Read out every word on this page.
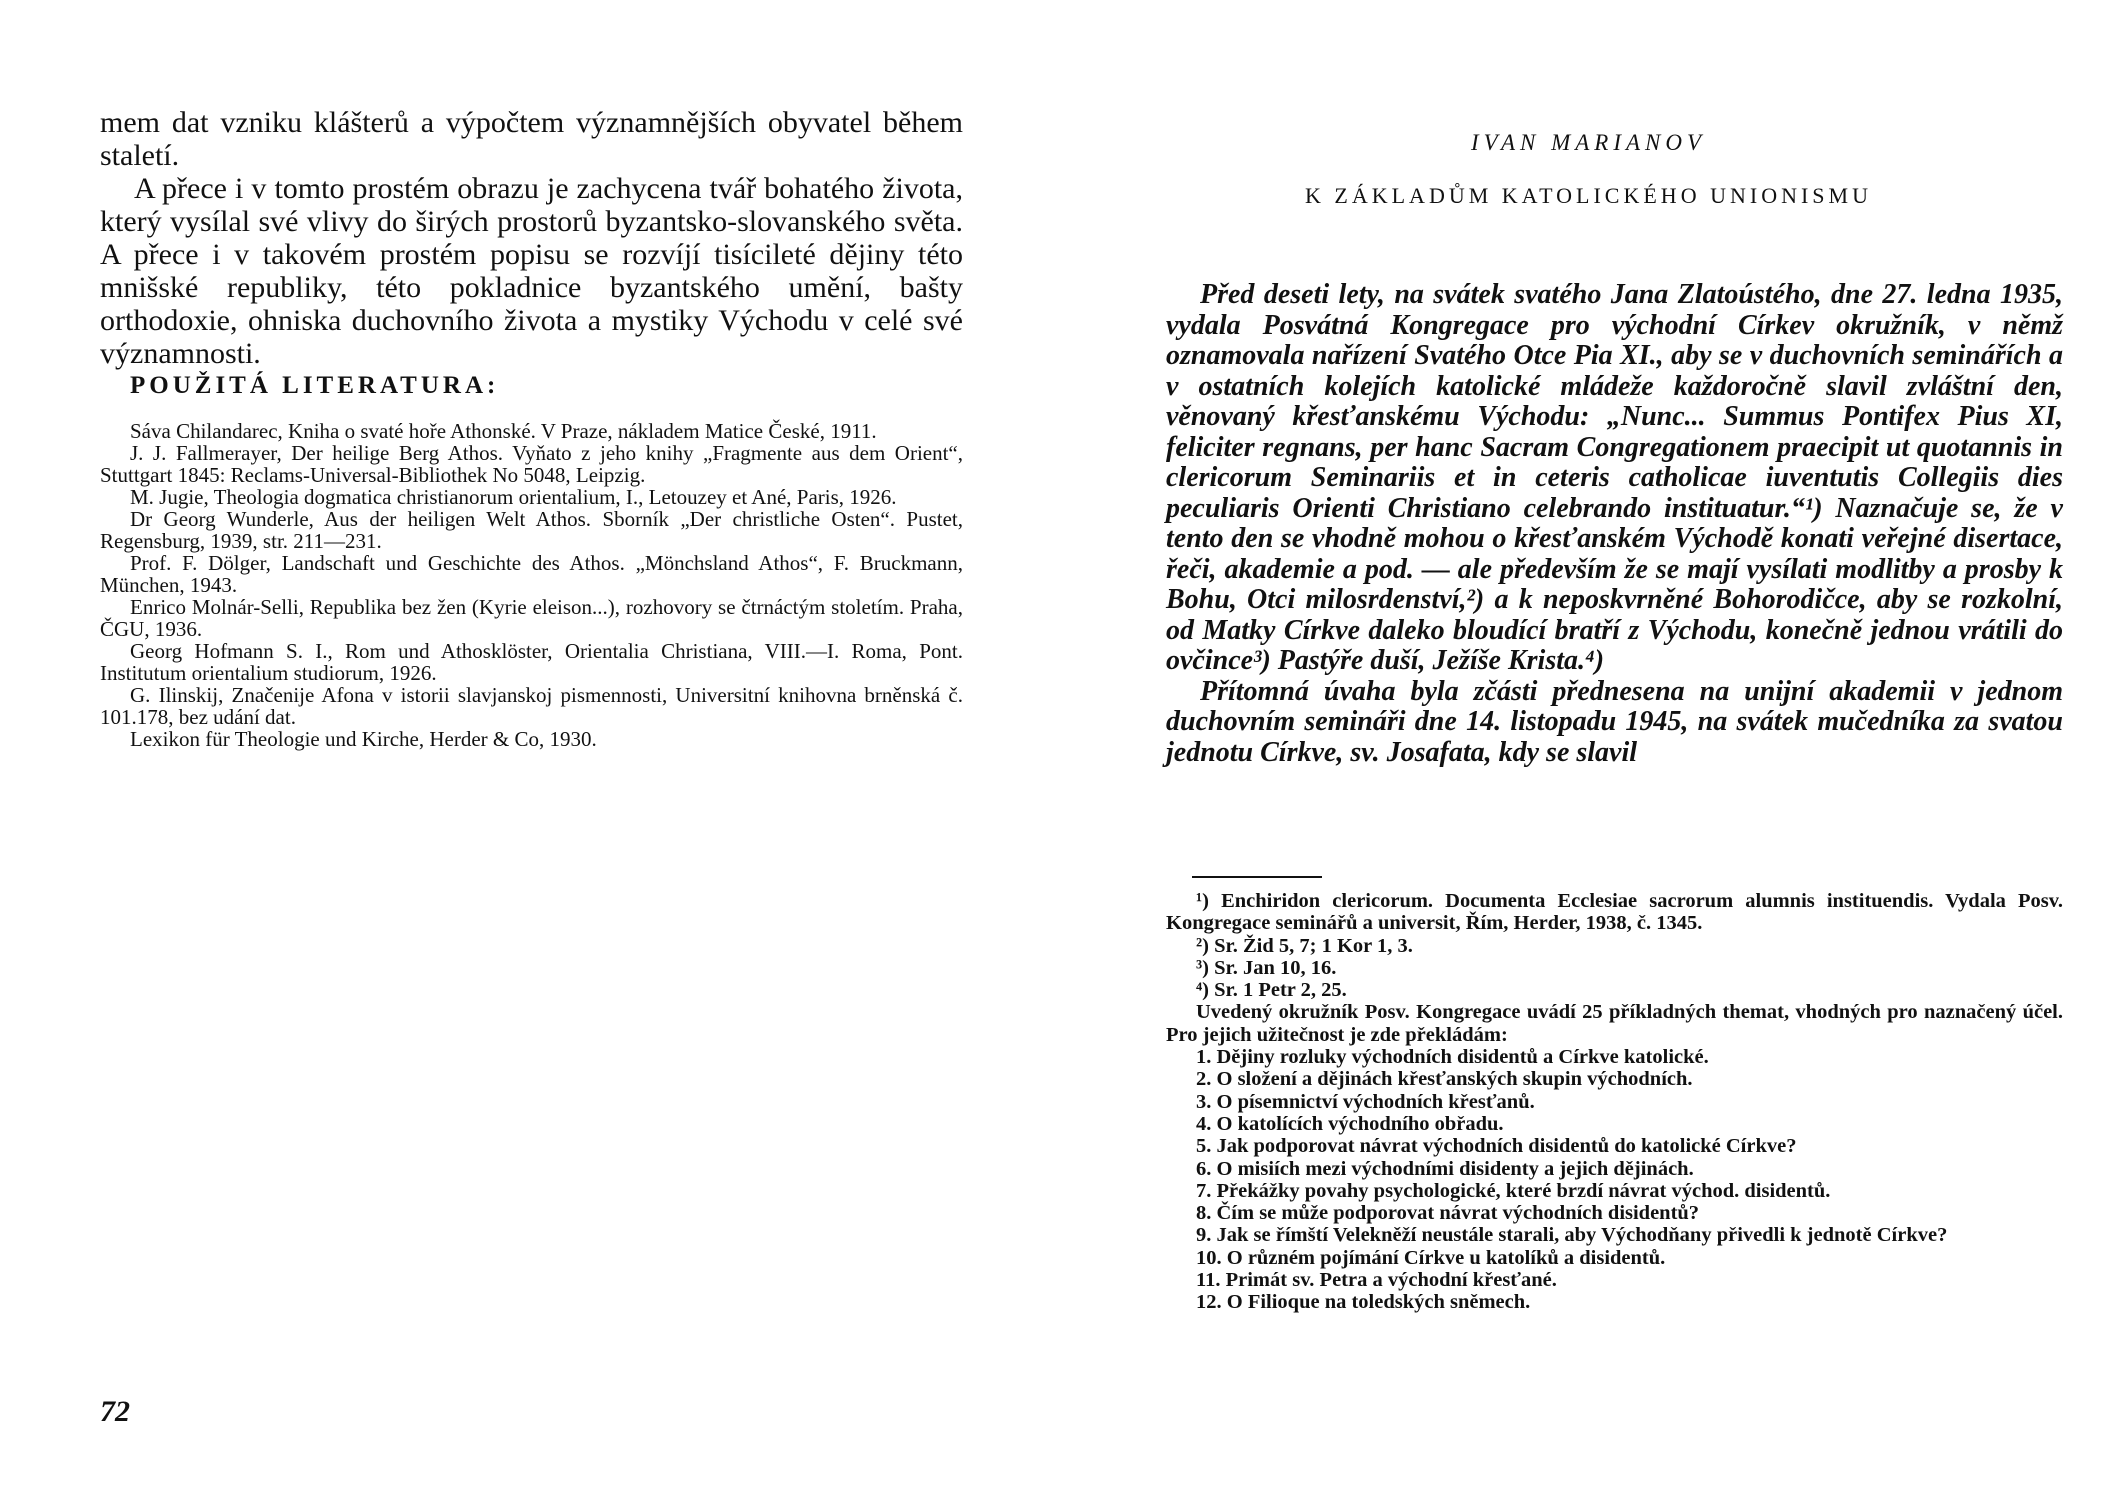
mem dat vzniku klášterů a výpočtem významnějších obyvatel během staletí.
A přece i v tomto prostém obrazu je zachycena tvář bohatého života, který vysílal své vlivy do širých prostorů byzantsko-slovanského světa. A přece i v takovém prostém popisu se rozvíjí tisícileté dějiny této mnišské republiky, této pokladnice byzantského umění, bašty orthodoxie, ohniska duchovního života a mystiky Východu v celé své významnosti.
POUŽITÁ LITERATURA:
Sáva Chilandarec, Kniha o svaté hoře Athonské. V Praze, nákladem Matice České, 1911.
J. J. Fallmerayer, Der heilige Berg Athos. Vyňato z jeho knihy „Fragmente aus dem Orient“, Stuttgart 1845: Reclams-Universal-Bibliothek No 5048, Leipzig.
M. Jugie, Theologia dogmatica christianorum orientalium, I., Letouzey et Ané, Paris, 1926.
Dr Georg Wunderle, Aus der heiligen Welt Athos. Sborník „Der christliche Osten“. Pustet, Regensburg, 1939, str. 211—231.
Prof. F. Dölger, Landschaft und Geschichte des Athos. „Mönchsland Athos“, F. Bruckmann, München, 1943.
Enrico Molnár-Selli, Republika bez žen (Kyrie eleison...), rozhovory se čtrnáctým stoletím. Praha, ČGU, 1936.
Georg Hofmann S. I., Rom und Athosklöster, Orientalia Christiana, VIII.—I. Roma, Pont. Institutum orientalium studiorum, 1926.
G. Ilinskij, Značenije Afona v istorii slavjanskoj pismennosti, Universitní knihovna brněnská č. 101.178, bez udání dat.
Lexikon für Theologie und Kirche, Herder & Co, 1930.
72
IVAN MARIANOV
K ZÁKLADŮM KATOLICKÉHO UNIONISMU
Před deseti lety, na svátek svatého Jana Zlatoústého, dne 27. ledna 1935, vydala Posvátná Kongregace pro východní Církev okružník, v němž oznamovala nařízení Svatého Otce Pia XI., aby se v duchovních seminářích a v ostatních kolejích katolické mládeže každoročně slavil zvláštní den, věnovaný křesťanskému Východu: „Nunc... Summus Pontifex Pius XI, feliciter regnans, per hanc Sacram Congregationem praecipit ut quotannis in clericorum Seminariis et in ceteris catholicae iuventutis Collegiis dies peculiaris Orienti Christiano celebrando instituatur.“¹) Naznačuje se, že v tento den se vhodně mohou o křesťanském Východě konati veřejné disertace, řeči, akademie a pod. — ale především že se mají vysílati modlitby a prosby k Bohu, Otci milosrdenství,²) a k neposkvrněné Bohorodičce, aby se rozkolní, od Matky Církve daleko bloudící bratří z Východu, konečně jednou vrátili do ovčince³) Pastýře duší, Ježíše Krista.⁴)
Přítomná úvaha byla zčásti přednesena na unijní akademii v jednom duchovním semináři dne 14. listopadu 1945, na svátek mučedníka za svatou jednotu Církve, sv. Josafata, kdy se slavil
¹) Enchiridon clericorum. Documenta Ecclesiae sacrorum alumnis instituendis. Vydala Posv. Kongregace seminářů a universit, Řím, Herder, 1938, č. 1345.
²) Sr. Žid 5, 7; 1 Kor 1, 3.
³) Sr. Jan 10, 16.
⁴) Sr. 1 Petr 2, 25.
Uvedený okružník Posv. Kongregace uvádí 25 příkladných themat, vhodných pro naznačený účel. Pro jejich užitečnost je zde překládám:
1. Dějiny rozluky východních disidentů a Církve katolické.
2. O složení a dějinách křesťanských skupin východních.
3. O písemnictví východních křesťanů.
4. O katolících východního obřadu.
5. Jak podporovat návrat východních disidentů do katolické Církve?
6. O misiích mezi východními disidenty a jejich dějinách.
7. Překážky povahy psychologické, které brzdí návrat východ. disidentů.
8. Čím se může podporovat návrat východních disidentů?
9. Jak se římští Velekněží neustále starali, aby Východňany přivedli k jednotě Církve?
10. O různém pojímání Církve u katolíků a disidentů.
11. Primát sv. Petra a východní křesťané.
12. O Filioque na toledských sněmech.
